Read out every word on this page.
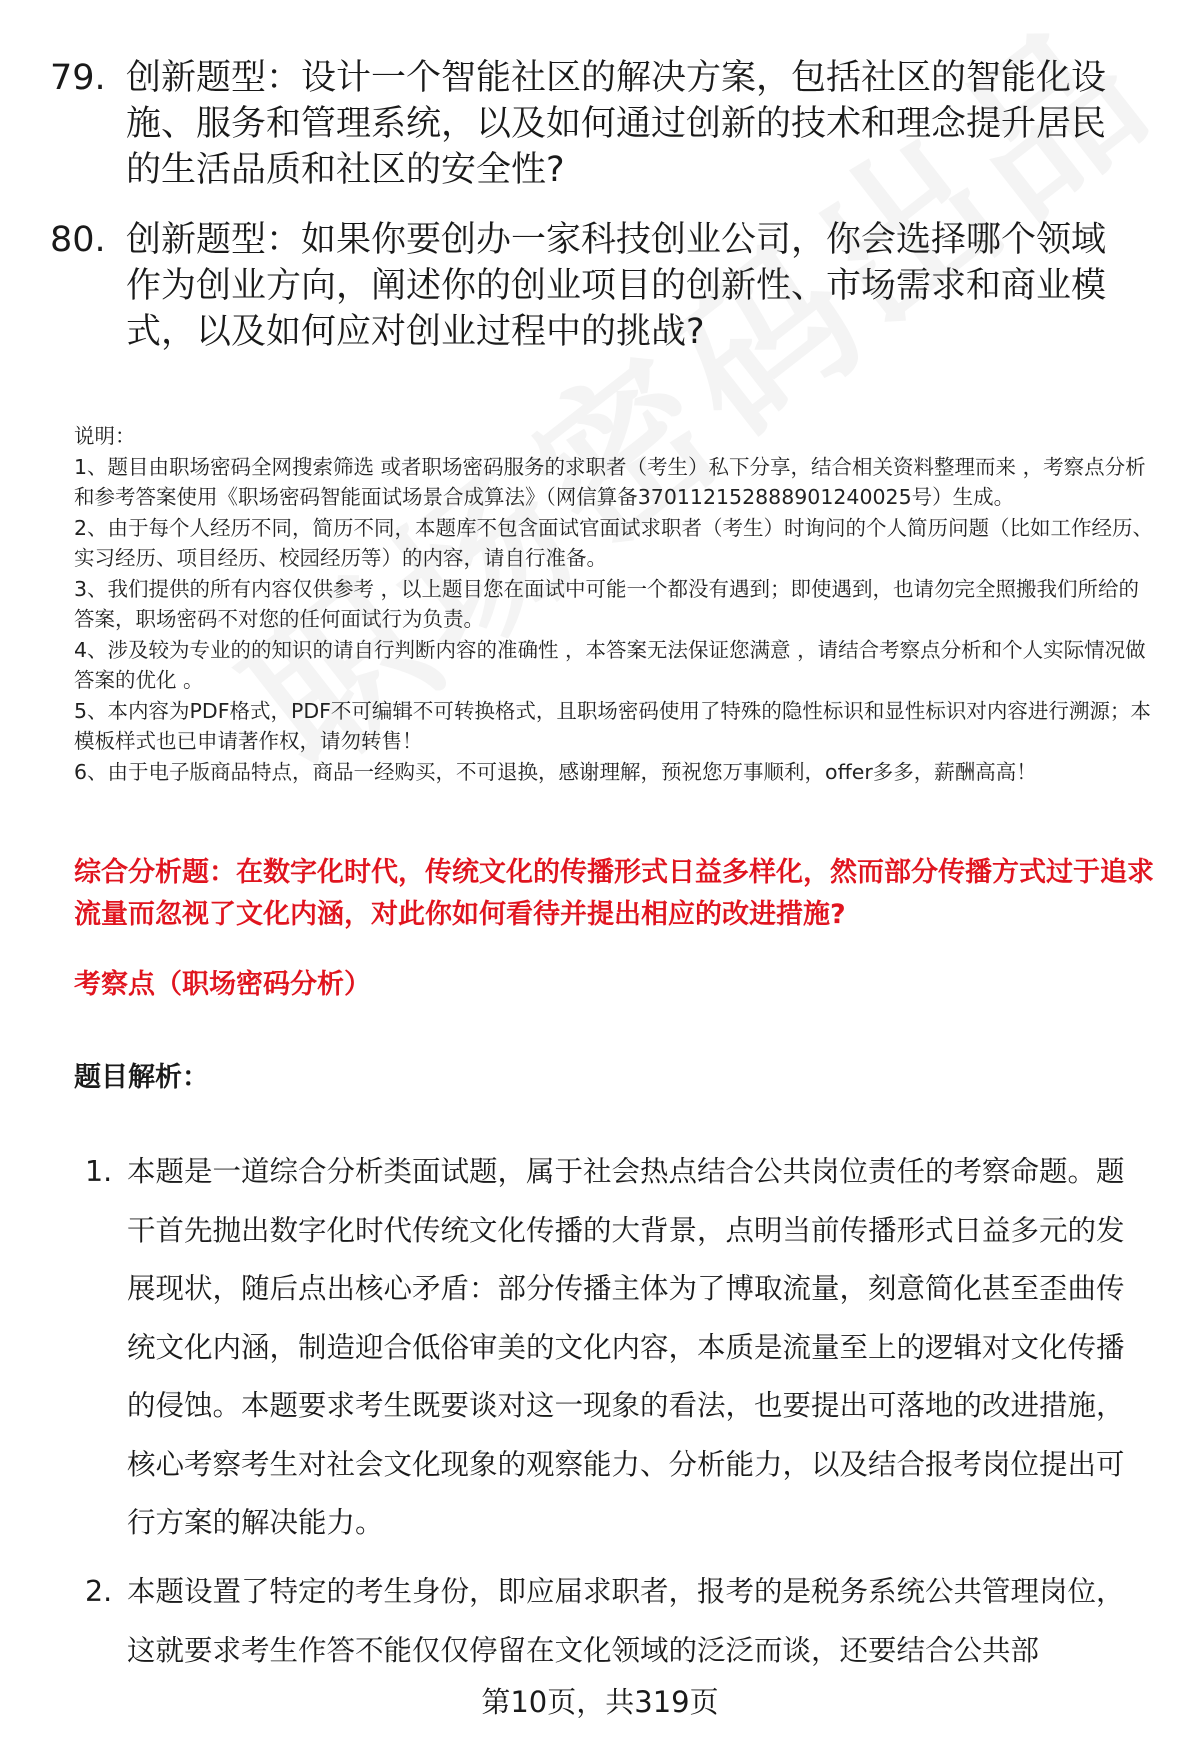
79. 创新题型：设计一个智能社区的解决方案，包括社区的智能化设施、服务和管理系统，以及如何通过创新的技术和理念提升居民的生活品质和社区的安全性?
80. 创新题型：如果你要创办一家科技创业公司，你会选择哪个领域作为创业方向，阐述你的创业项目的创新性、市场需求和商业模式，以及如何应对创业过程中的挑战?

说明：

1、题目由职场密码全网搜索筛选 或者职场密码服务的求职者（考生）私下分享，结合相关资料整理而来 ，考察点分析和参考答案使用《职场密码智能面试场景合成算法》（网信算备370112152888901240025号）生成。

2、由于每个人经历不同，简历不同，本题库不包含面试官面试求职者（考生）时询问的个人简历问题（比如工作经历、实习经历、项目经历、校园经历等）的内容，请自行准备。

3、我们提供的所有内容仅供参考 ，以上题目您在面试中可能一个都没有遇到；即使遇到，也请勿完全照搬我们所给的答案，职场密码不对您的任何面试行为负责。

4、涉及较为专业的的知识的请自行判断内容的准确性 ，本答案无法保证您满意 ，请结合考察点分析和个人实际情况做答案的优化 。

5、本内容为PDF格式，PDF不可编辑不可转换格式，且职场密码使用了特殊的隐性标识和显性标识对内容进行溯源；本模板样式也已申请著作权，请勿转售！

6、由于电子版商品特点，商品一经购买，不可退换，感谢理解，预祝您万事顺利，offer多多，薪酬高高！

综合分析题：在数字化时代，传统文化的传播形式日益多样化，然而部分传播方式过于追求流量而忽视了文化内涵，对此你如何看待并提出相应的改进措施?
考察点（职场密码分析）
题目解析：
1. 本题是一道综合分析类面试题，属于社会热点结合公共岗位责任的考察命题。题干首先抛出数字化时代传统文化传播的大背景，点明当前传播形式日益多元的发展现状，随后点出核心矛盾：部分传播主体为了博取流量，刻意简化甚至歪曲传统文化内涵，制造迎合低俗审美的文化内容，本质是流量至上的逻辑对文化传播的侵蚀。本题要求考生既要谈对这一现象的看法，也要提出可落地的改进措施，核心考察考生对社会文化现象的观察能力、分析能力，以及结合报考岗位提出可行方案的解决能力。
2. 本题设置了特定的考生身份，即应届求职者，报考的是税务系统公共管理岗位，这就要求考生作答不能仅仅停留在文化领域的泛泛而谈，还要结合公共部
第10页，共319页
